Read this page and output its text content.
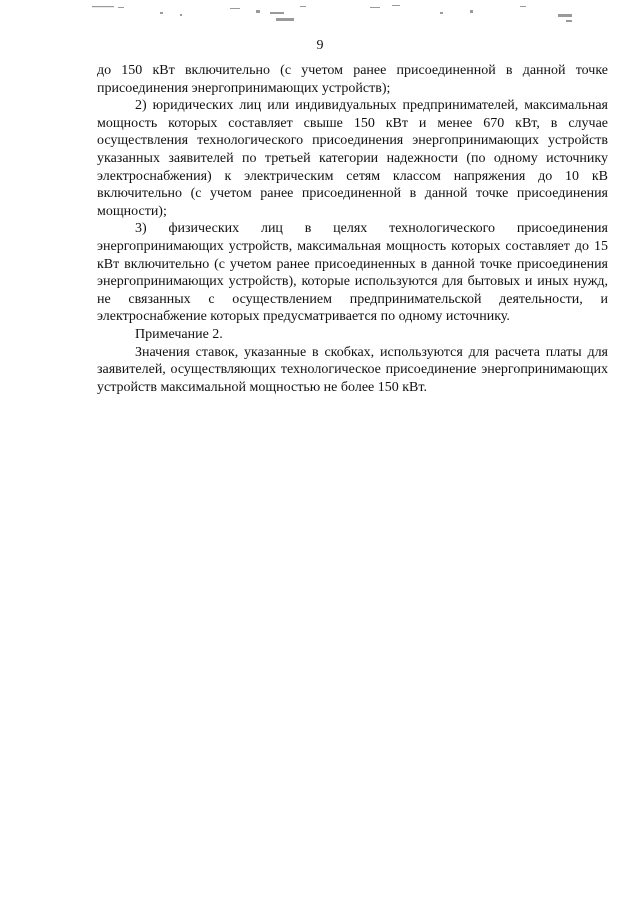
9

до 150 кВт включительно (с учетом ранее присоединенной в данной точке присоединения энергопринимающих устройств);

2) юридических лиц или индивидуальных предпринимателей, максимальная мощность которых составляет свыше 150 кВт и менее 670 кВт, в случае осуществления технологического присоединения энергопринимающих устройств указанных заявителей по третьей категории надежности (по одному источнику электроснабжения) к электрическим сетям классом напряжения до 10 кВ включительно (с учетом ранее присоединенной в данной точке присоединения мощности);

3) физических лиц в целях технологического присоединения энергопринимающих устройств, максимальная мощность которых составляет до 15 кВт включительно (с учетом ранее присоединенных в данной точке присоединения энергопринимающих устройств), которые используются для бытовых и иных нужд, не связанных с осуществлением предпринимательской деятельности, и электроснабжение которых предусматривается по одному источнику.

Примечание 2.

Значения ставок, указанные в скобках, используются для расчета платы для заявителей, осуществляющих технологическое присоединение энергопринимающих устройств максимальной мощностью не более 150 кВт.
